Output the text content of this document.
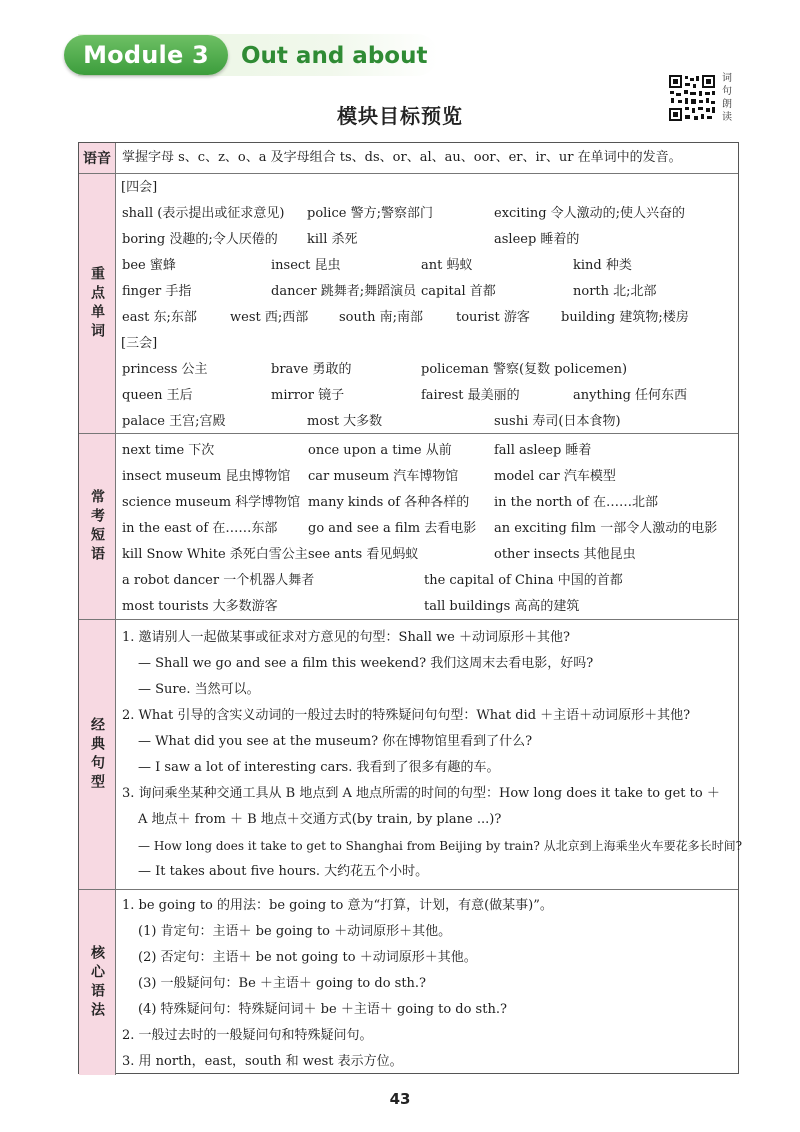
Module 3	Out and about
词句朗读
模块目标预览
语音 掌握字母 s、c、z、o、a 及字母组合 ts、ds、or、al、au、oor、er、ir、ur 在单词中的发音。
重点单词
[四会]
shall (表示提出或征求意见) police 警方;警察部门	exciting 令人激动的;使人兴奋的
boring 没趣的;令人厌倦的 kill 杀死	asleep 睡着的
bee 蜜蜂	insect 昆虫	ant 蚂蚁	kind 种类
finger 手指	dancer 跳舞者;舞蹈演员 capital 首都	north 北;北部
east 东;东部	west 西;西部 south 南;南部	tourist 游客 building 建筑物;楼房
[三会]
princess 公主	brave 勇敢的	policeman 警察(复数 policemen)
queen 王后	mirror 镜子	fairest 最美丽的	anything 任何东西
palace 王宫;宫殿	most 大多数	sushi 寿司(日本食物)
常考短语
next time 下次	once upon a time 从前	fall asleep 睡着
insect museum 昆虫博物馆 car museum 汽车博物馆	model car 汽车模型
science museum 科学博物馆 many kinds of 各种各样的 in the north of 在……北部
in the east of 在……东部 go and see a film 去看电影 an exciting film 一部令人激动的电影
kill Snow White 杀死白雪公主 see ants 看见蚂蚁	other insects 其他昆虫
a robot dancer 一个机器人舞者	the capital of China 中国的首都
most tourists 大多数游客	tall buildings 高高的建筑
经典句型
1. 邀请别人一起做某事或征求对方意见的句型：Shall we ＋动词原形＋其他?
— Shall we go and see a film this weekend? 我们这周末去看电影，好吗?
— Sure. 当然可以。
2. What 引导的含实义动词的一般过去时的特殊疑问句句型：What did ＋主语＋动词原形＋其他?
— What did you see at the museum? 你在博物馆里看到了什么?
— I saw a lot of interesting cars. 我看到了很多有趣的车。
3. 询问乘坐某种交通工具从 B 地点到 A 地点所需的时间的句型：How long does it take to get to ＋
A 地点＋ from ＋ B 地点＋交通方式(by train, by plane ...)?
— How long does it take to get to Shanghai from Beijing by train? 从北京到上海乘坐火车要花多长时间?
— It takes about five hours. 大约花五个小时。
核心语法
1. be going to 的用法：be going to 意为“打算，计划，有意(做某事)”。
(1) 肯定句：主语＋ be going to ＋动词原形＋其他。
(2) 否定句：主语＋ be not going to ＋动词原形＋其他。
(3) 一般疑问句：Be ＋主语＋ going to do sth.?
(4) 特殊疑问句：特殊疑问词＋ be ＋主语＋ going to do sth.?
2. 一般过去时的一般疑问句和特殊疑问句。
3. 用 north，east，south 和 west 表示方位。
43
